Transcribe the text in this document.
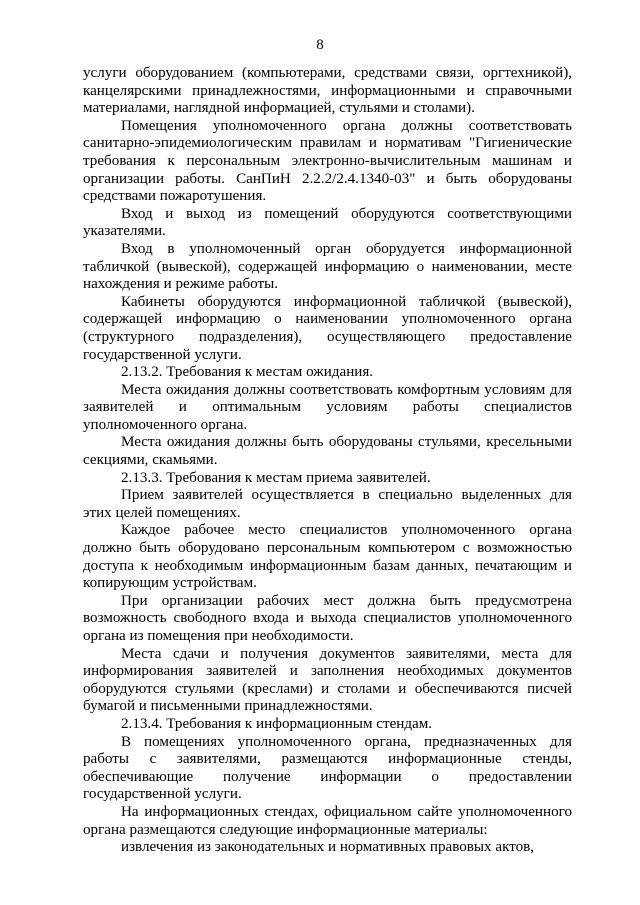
8

услуги оборудованием (компьютерами, средствами связи, оргтехникой), канцелярскими принадлежностями, информационными и справочными материалами, наглядной информацией, стульями и столами).

Помещения уполномоченного органа должны соответствовать санитарно-эпидемиологическим правилам и нормативам "Гигиенические требования к персональным электронно-вычислительным машинам и организации работы. СанПиН 2.2.2/2.4.1340-03" и быть оборудованы средствами пожаротушения.

Вход и выход из помещений оборудуются соответствующими указателями.

Вход в уполномоченный орган оборудуется информационной табличкой (вывеской), содержащей информацию о наименовании, месте нахождения и режиме работы.

Кабинеты оборудуются информационной табличкой (вывеской), содержащей информацию о наименовании уполномоченного органа (структурного подразделения), осуществляющего предоставление государственной услуги.

2.13.2. Требования к местам ожидания.

Места ожидания должны соответствовать комфортным условиям для заявителей и оптимальным условиям работы специалистов уполномоченного органа.

Места ожидания должны быть оборудованы стульями, кресельными секциями, скамьями.

2.13.3. Требования к местам приема заявителей.

Прием заявителей осуществляется в специально выделенных для этих целей помещениях.

Каждое рабочее место специалистов уполномоченного органа должно быть оборудовано персональным компьютером с возможностью доступа к необходимым информационным базам данных, печатающим и копирующим устройствам.

При организации рабочих мест должна быть предусмотрена возможность свободного входа и выхода специалистов уполномоченного органа из помещения при необходимости.

Места сдачи и получения документов заявителями, места для информирования заявителей и заполнения необходимых документов оборудуются стульями (креслами) и столами и обеспечиваются писчей бумагой и письменными принадлежностями.

2.13.4. Требования к информационным стендам.

В помещениях уполномоченного органа, предназначенных для работы с заявителями, размещаются информационные стенды, обеспечивающие получение информации о предоставлении государственной услуги.

На информационных стендах, официальном сайте уполномоченного органа размещаются следующие информационные материалы:

извлечения из законодательных и нормативных правовых актов,
